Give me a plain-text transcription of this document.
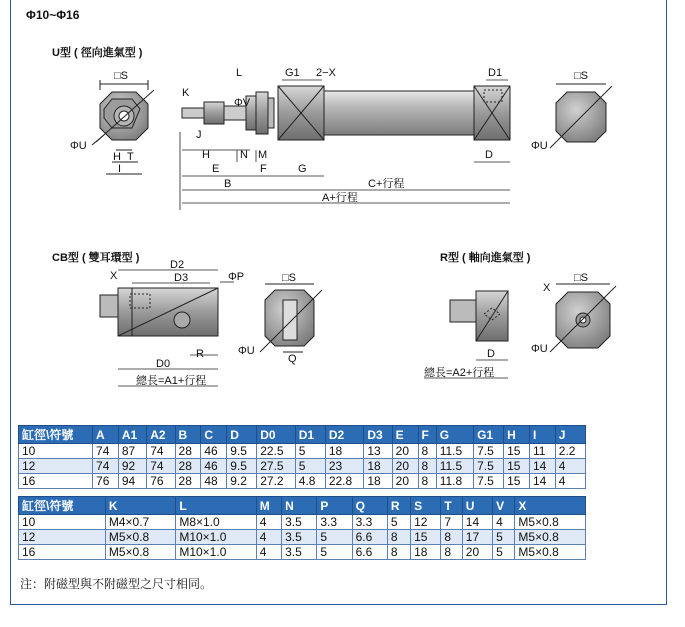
Φ10~Φ16
U型 ( 徑向進氣型 )
CB型 ( 雙耳環型 )	R型 ( 軸向進氣型 )
□S
ΦU
H T
I
K
L
ΦV
J
H	N M
E	F	G
G1 2−X	D1
D
B	C+行程
A+行程
□S
ΦU
X
D2
D3	ΦP
R
D0
總長=A1+行程
□S
ΦU
Q
X
D
總長=A2+行程
□S
ΦU
缸徑\符號	A	A1	A2	B	C	D	D0	D1	D2	D3	E	F	G	G1	H	I	J
10	74	87	74	28	46	9.5	22.5	5	18	13	20	8	11.5	7.5	15	11	2.2
12	74	92	74	28	46	9.5	27.5	5	23	18	20	8	11.5	7.5	15	14	4
16	76	94	76	28	48	9.2	27.2	4.8	22.8	18	20	8	11.8	7.5	15	14	4
缸徑\符號	K	L	M	N	P	Q	R	S	T	U	V	X
10	M4×0.7	M8×1.0	4	3.5	3.3	3.3	5	12	7	14	4	M5×0.8
12	M5×0.8	M10×1.0	4	3.5	5	6.6	8	15	8	17	5	M5×0.8
16	M5×0.8	M10×1.0	4	3.5	5	6.6	8	18	8	20	5	M5×0.8
注：附磁型與不附磁型之尺寸相同。
